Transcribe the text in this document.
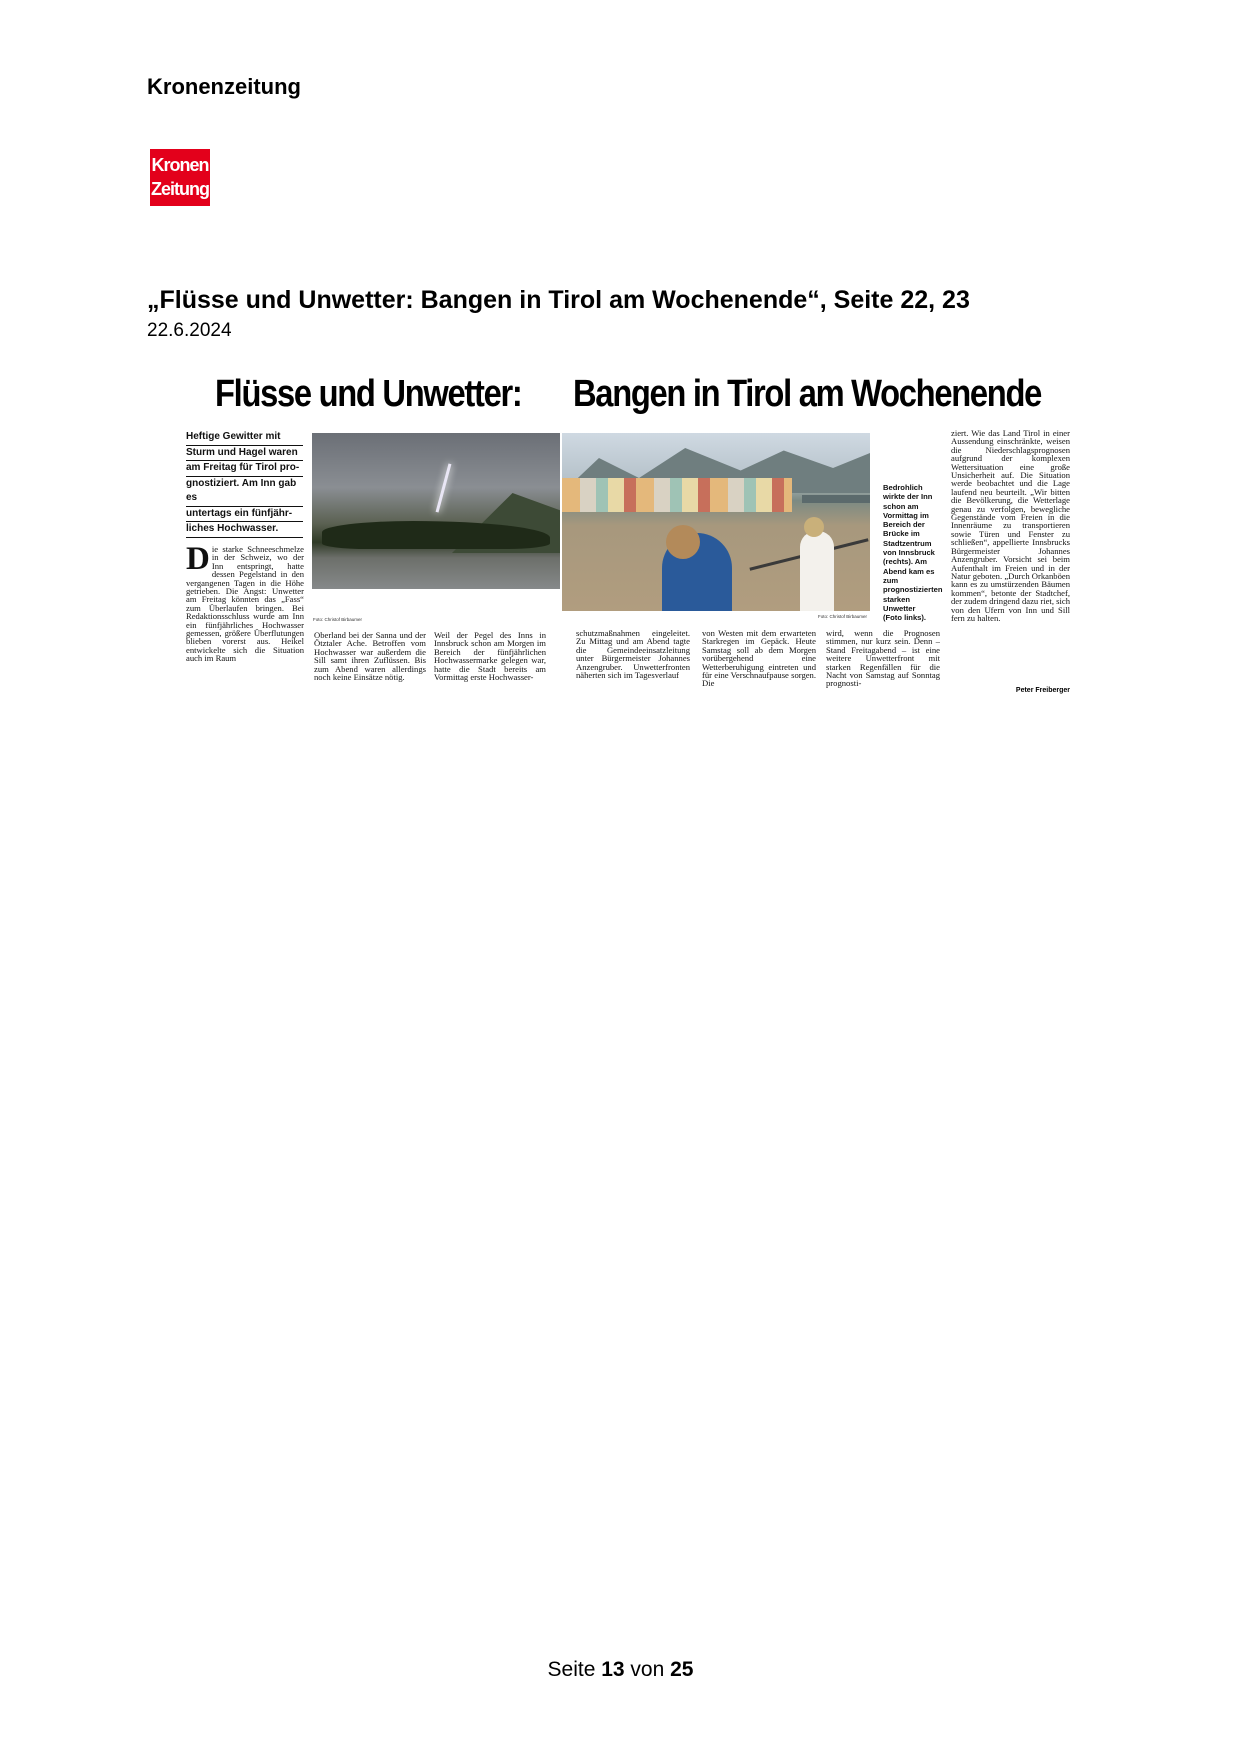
Kronenzeitung
Kronen
Zeitung
„Flüsse und Unwetter: Bangen in Tirol am Wochenende“, Seite 22, 23
22.6.2024
Flüsse und Unwetter: Bangen in Tirol am Wochenende
Heftige Gewitter mit
Sturm und Hagel waren
am Freitag für Tirol pro-
gnostiziert. Am Inn gab es
untertags ein fünfjähr-
liches Hochwasser.
D ie starke Schneeschmelze in der Schweiz, wo der Inn entspringt, hatte dessen Pegelstand in den vergangenen Tagen in die Höhe getrieben. Die Angst: Unwetter am Freitag könnten das „Fass“ zum Überlaufen bringen. Bei Redaktionsschluss wurde am Inn ein fünfjährliches Hochwasser gemessen, größere Überflutungen blieben vorerst aus. Heikel entwickelte sich die Situation auch im Raum
Foto: Christof Birbaumer
Oberland bei der Sanna und der Ötztaler Ache. Betroffen vom Hochwasser war außerdem die Sill samt ihren Zuflüssen. Bis zum Abend waren allerdings noch keine Einsätze nötig.
Weil der Pegel des Inns in Innsbruck schon am Morgen im Bereich der fünfjährlichen Hochwassermarke gelegen war, hatte die Stadt bereits am Vormittag erste Hochwasser-
Foto: Christof Birbaumer
Bedrohlich wirkte der Inn schon am Vormittag im Bereich der Brücke im Stadtzentrum von Innsbruck (rechts). Am Abend kam es zum prognostizierten starken Unwetter (Foto links).
schutzmaßnahmen eingeleitet. Zu Mittag und am Abend tagte die Gemeindeeinsatzleitung unter Bürgermeister Johannes Anzengruber. Unwetterfronten näherten sich im Tagesverlauf
von Westen mit dem erwarteten Starkregen im Gepäck. Heute Samstag soll ab dem Morgen vorübergehend eine Wetterberuhigung eintreten und für eine Verschnaufpause sorgen. Die
wird, wenn die Prognosen stimmen, nur kurz sein. Denn – Stand Freitagabend – ist eine weitere Unwetterfront mit starken Regenfällen für die Nacht von Samstag auf Sonntag prognosti-
ziert. Wie das Land Tirol in einer Aussendung einschränkte, weisen die Niederschlagsprognosen aufgrund der komplexen Wettersituation eine große Unsicherheit auf. Die Situation werde beobachtet und die Lage laufend neu beurteilt. „Wir bitten die Bevölkerung, die Wetterlage genau zu verfolgen, bewegliche Gegenstände vom Freien in die Innenräume zu transportieren sowie Türen und Fenster zu schließen“, appellierte Innsbrucks Bürgermeister Johannes Anzengruber. Vorsicht sei beim Aufenthalt im Freien und in der Natur geboten. „Durch Orkanböen kann es zu umstürzenden Bäumen kommen“, betonte der Stadtchef, der zudem dringend dazu riet, sich von den Ufern von Inn und Sill fern zu halten.
Peter Freiberger
Seite 13 von 25
